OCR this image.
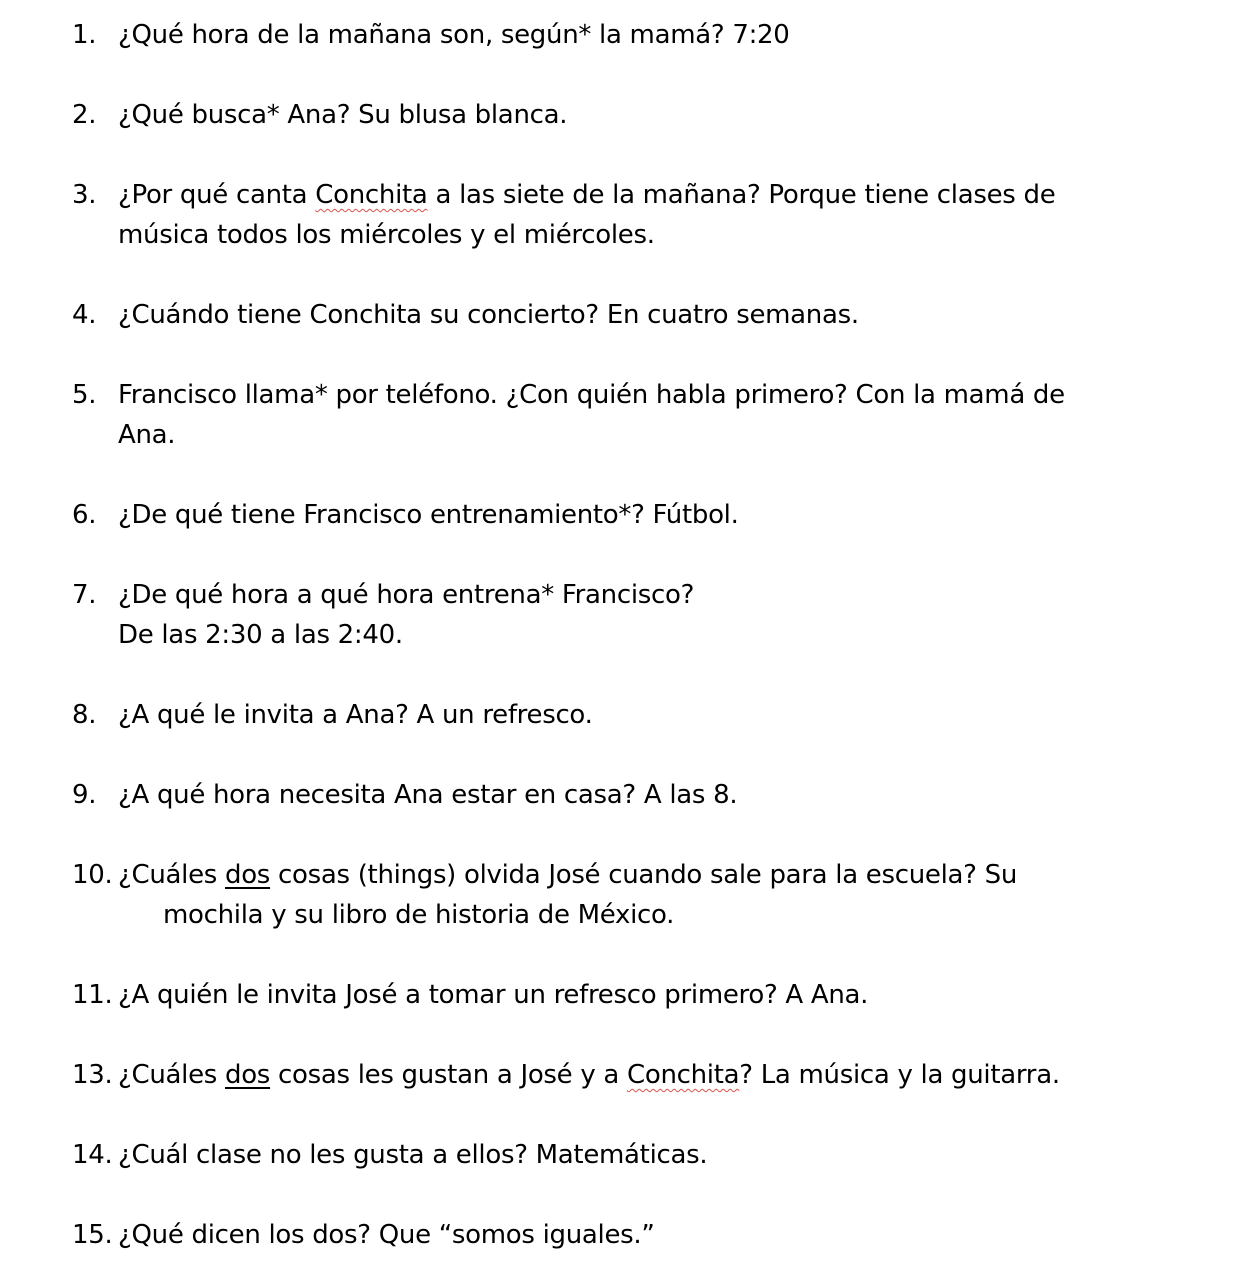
1. ¿Qué hora de la mañana son, según* la mamá? 7:20
2. ¿Qué busca* Ana? Su blusa blanca.
3. ¿Por qué canta Conchita a las siete de la mañana? Porque tiene clases de
música todos los miércoles y el miércoles.
4. ¿Cuándo tiene Conchita su concierto? En cuatro semanas.
5. Francisco llama* por teléfono. ¿Con quién habla primero? Con la mamá de
Ana.
6. ¿De qué tiene Francisco entrenamiento*? Fútbol.
7. ¿De qué hora a qué hora entrena* Francisco?
De las 2:30 a las 2:40.
8. ¿A qué le invita a Ana? A un refresco.
9. ¿A qué hora necesita Ana estar en casa? A las 8.
10. ¿Cuáles dos cosas (things) olvida José cuando sale para la escuela? Su
mochila y su libro de historia de México.
11. ¿A quién le invita José a tomar un refresco primero? A Ana.
13. ¿Cuáles dos cosas les gustan a José y a Conchita? La música y la guitarra.
14. ¿Cuál clase no les gusta a ellos? Matemáticas.
15. ¿Qué dicen los dos? Que “somos iguales.”
